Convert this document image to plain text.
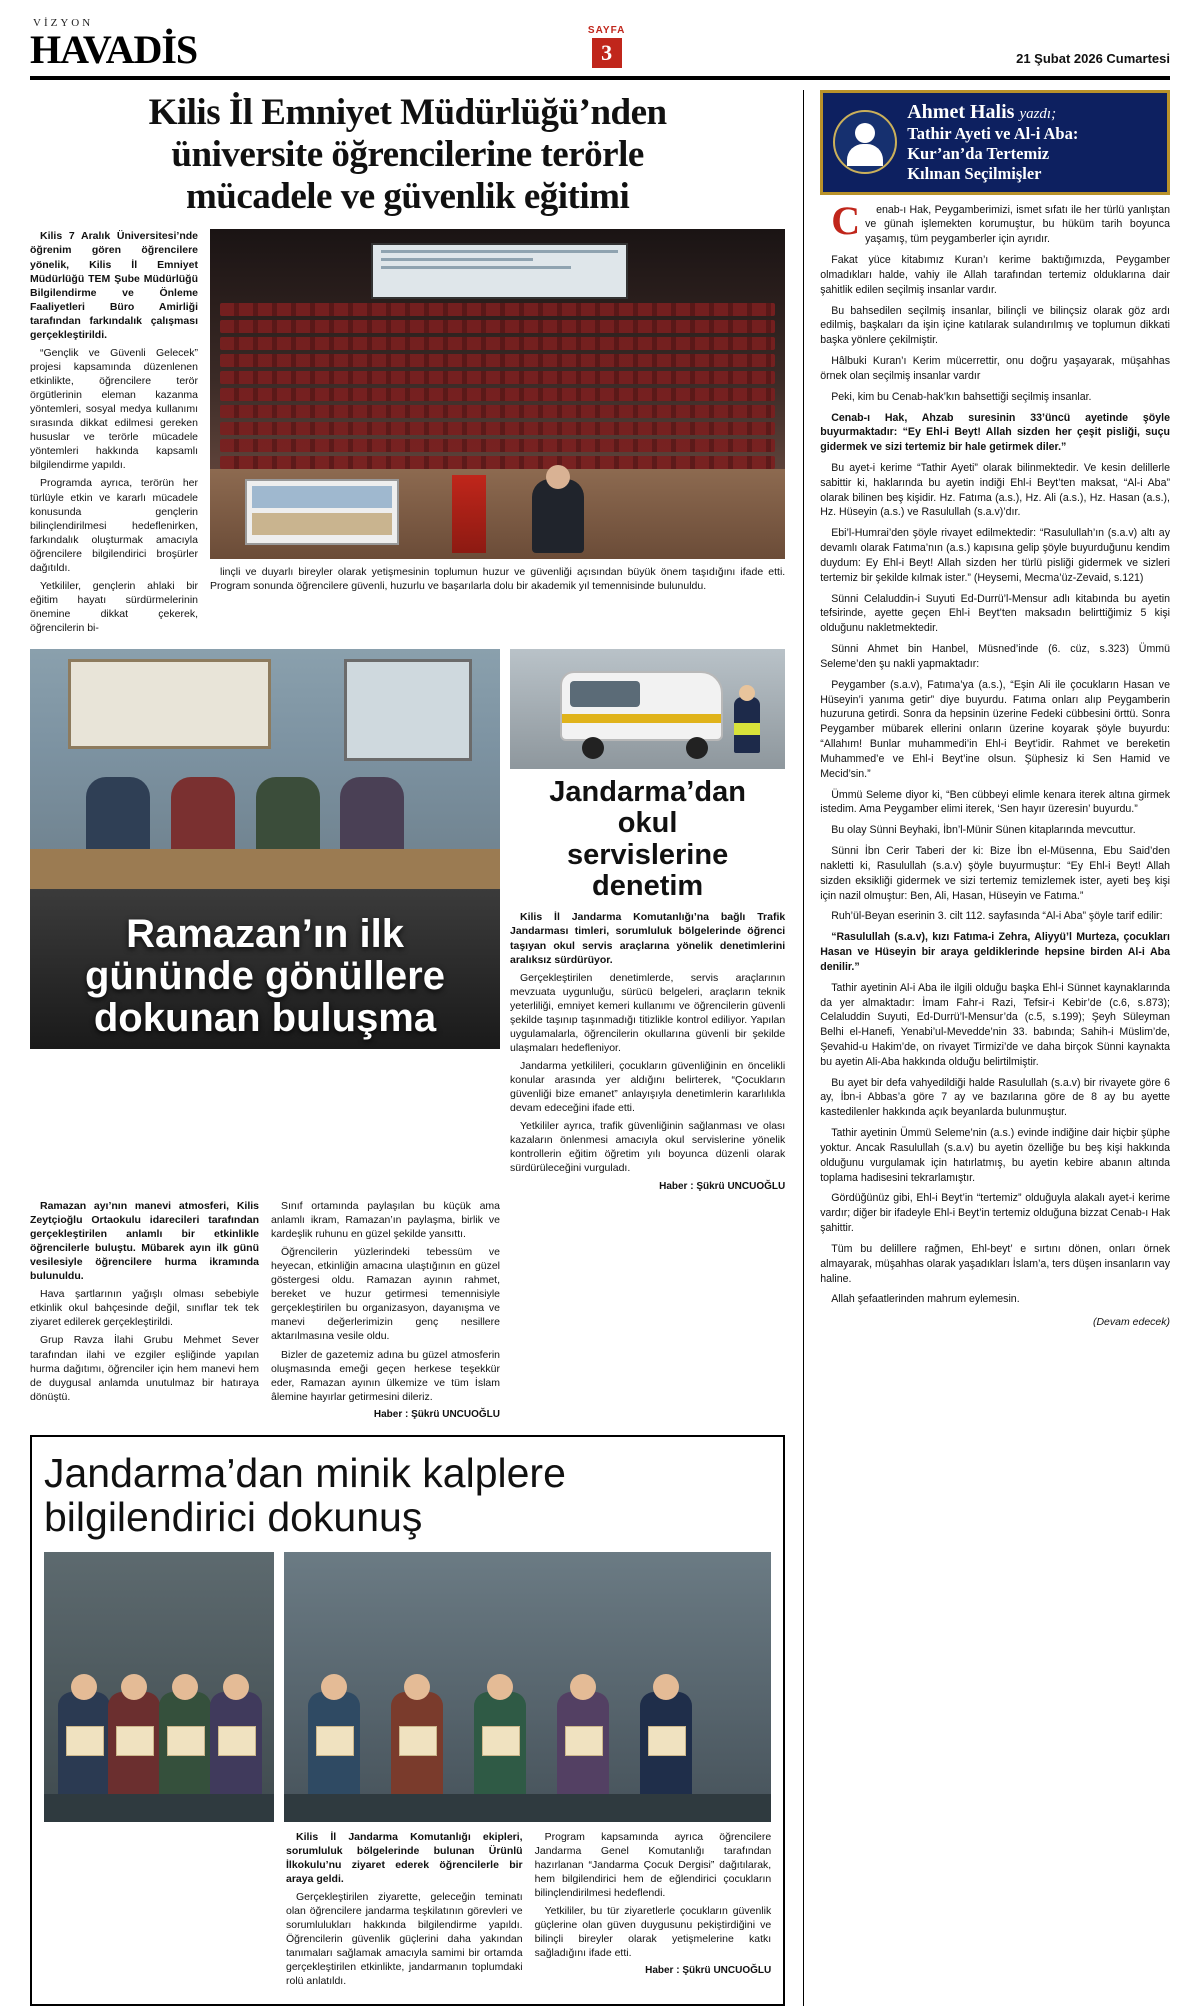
VİZYON
HAVADİS	SAYFA
3	21 Şubat 2026 Cumartesi
Kilis İl Emniyet Müdürlüğü’nden
üniversite öğrencilerine terörle
mücadele ve güvenlik eğitimi

Kilis 7 Aralık Üniversitesi’nde öğrenim gören öğrencilere yönelik, Kilis İl Emniyet Müdürlüğü TEM Şube Müdürlüğü Bilgilendirme ve Önleme Faaliyetleri Büro Amirliği tarafından farkındalık çalışması gerçekleştirildi.

“Gençlik ve Güvenli Gelecek” projesi kapsamında düzenlenen etkinlikte, öğrencilere terör örgütlerinin eleman kazanma yöntemleri, sosyal medya kullanımı sırasında dikkat edilmesi gereken hususlar ve terörle mücadele yöntemleri hakkında kapsamlı bilgilendirme yapıldı.

Programda ayrıca, terörün her türlüyle etkin ve kararlı mücadele konusunda gençlerin bilinçlendirilmesi hedeflenirken, farkındalık oluşturmak amacıyla öğrencilere bilgilendirici broşürler dağıtıldı.

Yetkililer, gençlerin ahlaki bir eğitim hayatı sürdürmelerinin önemine dikkat çekerek, öğrencilerin bi-

linçli ve duyarlı bireyler olarak yetişmesinin toplumun huzur ve güvenliği açısından büyük önem taşıdığını ifade etti. Program sonunda öğrencilere güvenli, huzurlu ve başarılarla dolu bir akademik yıl temennisinde bulunuldu.

Ramazan’ın ilk
gününde gönüllere
dokunan buluşma
Jandarma’dan
okul
servislerine
denetim

Kilis İl Jandarma Komutanlığı’na bağlı Trafik Jandarması timleri, sorumluluk bölgelerinde öğrenci taşıyan okul servis araçlarına yönelik denetimlerini aralıksız sürdürüyor.

Gerçekleştirilen denetimlerde, servis araçlarının mevzuata uygunluğu, sürücü belgeleri, araçların teknik yeterliliği, emniyet kemeri kullanımı ve öğrencilerin güvenli şekilde taşınıp taşınmadığı titizlikle kontrol ediliyor. Yapılan uygulamalarla, öğrencilerin okullarına güvenli bir şekilde ulaşmaları hedefleniyor.

Jandarma yetkilileri, çocukların güvenliğinin en öncelikli konular arasında yer aldığını belirterek, “Çocukların güvenliği bize emanet” anlayışıyla denetimlerin kararlılıkla devam edeceğini ifade etti.

Yetkililer ayrıca, trafik güvenliğinin sağlanması ve olası kazaların önlenmesi amacıyla okul servislerine yönelik kontrollerin eğitim öğretim yılı boyunca düzenli olarak sürdürüleceğini vurguladı.

Haber : Şükrü UNCUOĞLU

Ramazan ayı’nın manevi atmosferi, Kilis Zeytçioğlu Ortaokulu idarecileri tarafından gerçekleştirilen anlamlı bir etkinlikle öğrencilerle buluştu. Mübarek ayın ilk günü vesilesiyle öğrencilere hurma ikramında bulunuldu.

Hava şartlarının yağışlı olması sebebiyle etkinlik okul bahçesinde değil, sınıflar tek tek ziyaret edilerek gerçekleştirildi.

Grup Ravza İlahi Grubu Mehmet Sever tarafından ilahi ve ezgiler eşliğinde yapılan hurma dağıtımı, öğrenciler için hem manevi hem de duygusal anlamda unutulmaz bir hatıraya dönüştü.

Sınıf ortamında paylaşılan bu küçük ama anlamlı ikram, Ramazan’ın paylaşma, birlik ve kardeşlik ruhunu en güzel şekilde yansıttı.

Öğrencilerin yüzlerindeki tebessüm ve heyecan, etkinliğin amacına ulaştığının en güzel göstergesi oldu. Ramazan ayının rahmet, bereket ve huzur getirmesi temennisiyle gerçekleştirilen bu organizasyon, dayanışma ve manevi değerlerimizin genç nesillere aktarılmasına vesile oldu.

Bizler de gazetemiz adına bu güzel atmosferin oluşmasında emeği geçen herkese teşekkür eder, Ramazan ayının ülkemize ve tüm İslam âlemine hayırlar getirmesini dileriz.

Haber : Şükrü UNCUOĞLU
Jandarma’dan minik kalplere
bilgilendirici dokunuş

Kilis İl Jandarma Komutanlığı ekipleri, sorumluluk bölgelerinde bulunan Ürünlü İlkokulu’nu ziyaret ederek öğrencilerle bir araya geldi.

Gerçekleştirilen ziyarette, geleceğin teminatı olan öğrencilere jandarma teşkilatının görevleri ve sorumlulukları hakkında bilgilendirme yapıldı. Öğrencilerin güvenlik güçlerini daha yakından tanımaları sağlamak amacıyla samimi bir ortamda gerçekleştirilen etkinlikte, jandarmanın toplumdaki rolü anlatıldı.

Program kapsamında ayrıca öğrencilere Jandarma Genel Komutanlığı tarafından hazırlanan “Jandarma Çocuk Dergisi” dağıtılarak, hem bilgilendirici hem de eğlendirici çocukların bilinçlendirilmesi hedeflendi.

Yetkililer, bu tür ziyaretlerle çocukların güvenlik güçlerine olan güven duygusunu pekiştirdiğini ve bilinçli bireyler olarak yetişmelerine katkı sağladığını ifade etti.

Haber : Şükrü UNCUOĞLU
Ahmet Halis yazdı;
Tathir Ayeti ve Al-i Aba:
Kur’an’da Tertemiz
Kılınan Seçilmişler

C enab-ı Hak, Peygamberimizi, ismet sıfatı ile her türlü yanlıştan ve günah işlemekten korumuştur, bu hüküm tarih boyunca yaşamış, tüm peygamberler için ayrıdır.

Fakat yüce kitabımız Kuran’ı kerime baktığımızda, Peygamber olmadıkları halde, vahiy ile Allah tarafından tertemiz olduklarına dair şahitlik edilen seçilmiş insanlar vardır.

Bu bahsedilen seçilmiş insanlar, bilinçli ve bilinçsiz olarak göz ardı edilmiş, başkaları da işin içine katılarak sulandırılmış ve toplumun dikkati başka yönlere çekilmiştir.

Hâlbuki Kuran’ı Kerim mücerrettir, onu doğru yaşayarak, müşahhas örnek olan seçilmiş insanlar vardır

Peki, kim bu Cenab-hak’kın bahsettiği seçilmiş insanlar.

Cenab-ı Hak, Ahzab suresinin 33’üncü ayetinde şöyle buyurmaktadır: “Ey Ehl-i Beyt! Allah sizden her çeşit pisliği, suçu gidermek ve sizi tertemiz bir hale getirmek diler.”

Bu ayet-i kerime “Tathir Ayeti” olarak bilinmektedir. Ve kesin delillerle sabittir ki, haklarında bu ayetin indiği Ehl-i Beyt’ten maksat, “Al-i Aba” olarak bilinen beş kişidir. Hz. Fatıma (a.s.), Hz. Ali (a.s.), Hz. Hasan (a.s.), Hz. Hüseyin (a.s.) ve Rasulullah (s.a.v)’dır.

Ebi’l-Humrai’den şöyle rivayet edilmektedir: “Rasulullah’ın (s.a.v) altı ay devamlı olarak Fatıma’nın (a.s.) kapısına gelip şöyle buyurduğunu kendim duydum: Ey Ehl-i Beyt! Allah sizden her türlü pisliği gidermek ve sizleri tertemiz bir şekilde kılmak ister.” (Heysemi, Mecma’üz-Zevaid, s.121)

Sünni Celaluddin-i Suyuti Ed-Durrü’l-Mensur adlı kitabında bu ayetin tefsirinde, ayette geçen Ehl-i Beyt’ten maksadın belirttiğimiz 5 kişi olduğunu nakletmektedir.

Sünni Ahmet bin Hanbel, Müsned’inde (6. cüz, s.323) Ümmü Seleme’den şu nakli yapmaktadır:

Peygamber (s.a.v), Fatıma’ya (a.s.), “Eşin Ali ile çocukların Hasan ve Hüseyin’i yanıma getir” diye buyurdu. Fatıma onları alıp Peygamberin huzuruna getirdi. Sonra da hepsinin üzerine Fedeki cübbesini örttü. Sonra Peygamber mübarek ellerini onların üzerine koyarak şöyle buyurdu: “Allahım! Bunlar muhammedi’in Ehl-i Beyt’idir. Rahmet ve bereketin Muhammed’e ve Ehl-i Beyt’ine olsun. Şüphesiz ki Sen Hamid ve Mecid’sin.”

Ümmü Seleme diyor ki, “Ben cübbeyi elimle kenara iterek altına girmek istedim. Ama Peygamber elimi iterek, ‘Sen hayır üzeresin’ buyurdu.”

Bu olay Sünni Beyhaki, İbn’l-Münir Sünen kitaplarında mevcuttur.

Sünni İbn Cerir Taberi der ki: Bize İbn el-Müsenna, Ebu Said’den nakletti ki, Rasulullah (s.a.v) şöyle buyurmuştur: “Ey Ehl-i Beyt! Allah sizden eksikliği gidermek ve sizi tertemiz temizlemek ister, ayeti beş kişi için nazil olmuştur: Ben, Ali, Hasan, Hüseyin ve Fatıma.”

Ruh’ül-Beyan eserinin 3. cilt 112. sayfasında “Al-i Aba” şöyle tarif edilir:

“Rasulullah (s.a.v), kızı Fatıma-i Zehra, Aliyyü’l Murteza, çocukları Hasan ve Hüseyin bir araya geldiklerinde hepsine birden Al-i Aba denilir.”

Tathir ayetinin Al-i Aba ile ilgili olduğu başka Ehl-i Sünnet kaynaklarında da yer almaktadır: İmam Fahr-i Razi, Tefsir-i Kebir’de (c.6, s.873); Celaluddin Suyuti, Ed-Durrü’l-Mensur’da (c.5, s.199); Şeyh Süleyman Belhi el-Hanefi, Yenabi’ul-Mevedde’nin 33. babında; Sahih-i Müslim’de, Şevahid-u Hakim’de, on rivayet Tirmizi’de ve daha birçok Sünni kaynakta bu ayetin Ali-Aba hakkında olduğu belirtilmiştir.

Bu ayet bir defa vahyedildiği halde Rasulullah (s.a.v) bir rivayete göre 6 ay, İbn-i Abbas’a göre 7 ay ve bazılarına göre de 8 ay bu ayette kastedilenler hakkında açık beyanlarda bulunmuştur.

Tathir ayetinin Ümmü Seleme’nin (a.s.) evinde indiğine dair hiçbir şüphe yoktur. Ancak Rasulullah (s.a.v) bu ayetin özelliğe bu beş kişi hakkında olduğunu vurgulamak için hatırlatmış, bu ayetin kebire abanın altında toplama hadisesini tekrarlamıştır.

Gördüğünüz gibi, Ehl-i Beyt’in “tertemiz” olduğuyla alakalı ayet-i kerime vardır; diğer bir ifadeyle Ehl-i Beyt’in tertemiz olduğuna bizzat Cenab-ı Hak şahittir.

Tüm bu delillere rağmen, Ehl-beyt’ e sırtını dönen, onları örnek almayarak, müşahhas olarak yaşadıkları İslam’a, ters düşen insanların vay haline.

Allah şefaatlerinden mahrum eylemesin.

(Devam edecek)
